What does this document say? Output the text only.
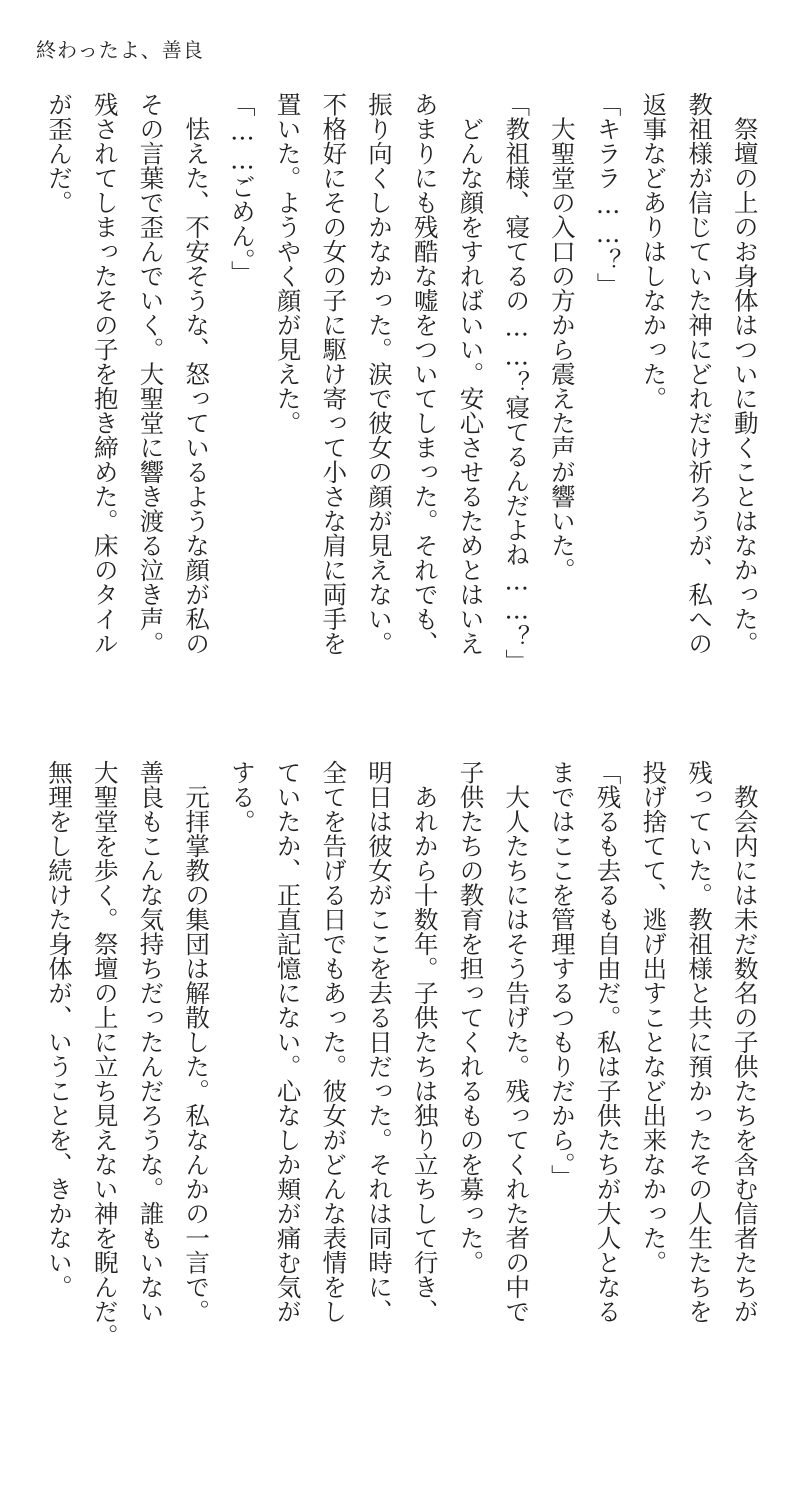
終わったよ、善良
　祭壇の上のお身体はついに動くことはなかった。
教祖様が信じていた神にどれだけ祈ろうが、私への
返事などありはしなかった。
「キララ……？」
　大聖堂の入口の方から震えた声が響いた。
「教祖様、寝てるの……？寝てるんだよね……？」
　どんな顔をすればいい。安心させるためとはいえ
あまりにも残酷な嘘をついてしまった。それでも、
振り向くしかなかった。涙で彼女の顔が見えない。
不格好にその女の子に駆け寄って小さな肩に両手を
置いた。ようやく顔が見えた。
「……ごめん。」
　怯えた、不安そうな、怒っているような顔が私の
その言葉で歪んでいく。大聖堂に響き渡る泣き声。
残されてしまったその子を抱き締めた。床のタイル
が歪んだ。
　教会内には未だ数名の子供たちを含む信者たちが
残っていた。教祖様と共に預かったその人生たちを
投げ捨てて、逃げ出すことなど出来なかった。
「残るも去るも自由だ。私は子供たちが大人となる
まではここを管理するつもりだから。」
　大人たちにはそう告げた。残ってくれた者の中で
子供たちの教育を担ってくれるものを募った。
　あれから十数年。子供たちは独り立ちして行き、
明日は彼女がここを去る日だった。それは同時に、
全てを告げる日でもあった。彼女がどんな表情をし
ていたか、正直記憶にない。心なしか頬が痛む気が
する。
　元拝掌教の集団は解散した。私なんかの一言で。
善良もこんな気持ちだったんだろうな。誰もいない
大聖堂を歩く。祭壇の上に立ち見えない神を睨んだ。
無理をし続けた身体が、いうことを、きかない。
